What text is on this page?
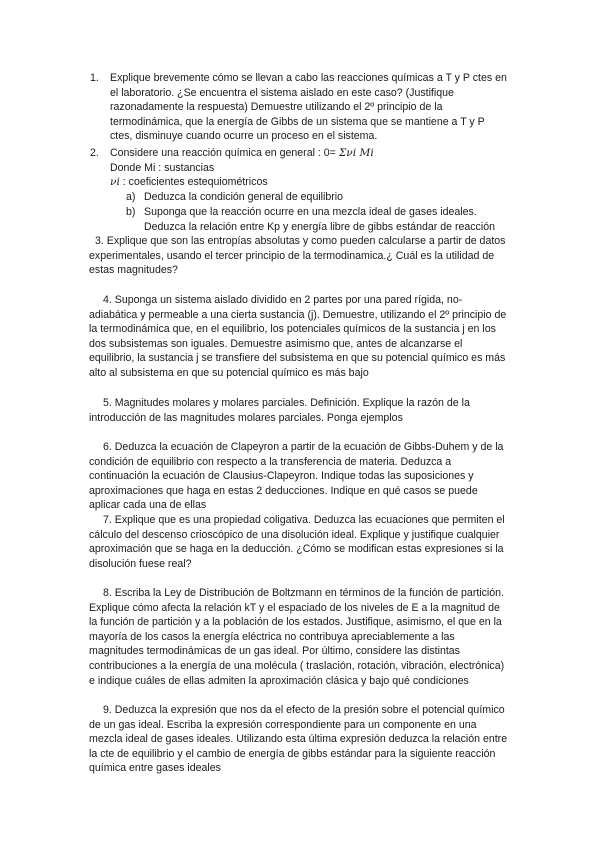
1. Explique brevemente cómo se llevan a cabo las reacciones químicas a T y P ctes en el laboratorio. ¿Se encuentra el sistema aislado en este caso? (Justifique razonadamente la respuesta) Demuestre utilizando el 2º principio de la termodinámica, que la energía de Gibbs de un sistema que se mantiene a T y P ctes, disminuye cuando ocurre un proceso en el sistema.
2. Considere una reacción química en general : 0= Σνi Mi
Donde Mi : sustancias
νi : coeficientes estequiométricos
a) Deduzca la condición general de equilibrio
b) Suponga que la reacción ocurre en una mezcla ideal de gases ideales.
Deduzca la relación entre Kp y energía libre de gibbs estándar de reacción

3. Explique que son las entropías absolutas y como pueden calcularse a partir de datos experimentales, usando el tercer principio de la termodinamica.¿ Cuál es la utilidad de estas magnitudes?

4. Suponga un sistema aislado dividido en 2 partes por una pared rígida, no-adiabática y permeable a una cierta sustancia (j). Demuestre, utilizando el 2º principio de la termodinámica que, en el equilibrio, los potenciales químicos de la sustancia j en los dos subsistemas son iguales. Demuestre asimismo que, antes de alcanzarse el equilibrio, la sustancia j se transfiere del subsistema en que su potencial químico es más alto al subsistema en que su potencial químico es más bajo

5. Magnitudes molares y molares parciales. Definición. Explique la razón de la introducción de las magnitudes molares parciales. Ponga ejemplos

6. Deduzca la ecuación de Clapeyron a partir de la ecuación de Gibbs-Duhem y de la condición de equilibrio con respecto a la transferencia de materia. Deduzca a continuación la ecuación de Clausius-Clapeyron. Indique todas las suposiciones y aproximaciones que haga en estas 2 deducciones. Indique en qué casos se puede aplicar cada una de ellas

7. Explique que es una propiedad coligativa. Deduzca las ecuaciones que permiten el cálculo del descenso crioscópico de una disolución ideal. Explique y justifique cualquier aproximación que se haga en la deducción. ¿Cómo se modifican estas expresiones si la disolución fuese real?

8. Escriba la Ley de Distribución de Boltzmann en términos de la función de partición. Explique cómo afecta la relación kT y el espaciado de los niveles de E a la magnitud de la función de partición y a la población de los estados. Justifique, asimismo, el que en la mayoría de los casos la energía eléctrica no contribuya apreciablemente a las magnitudes termodinámicas de un gas ideal. Por último, considere las distintas contribuciones a la energía de una molécula ( traslación, rotación, vibración, electrónica) e indique cuáles de ellas admiten la aproximación clásica y bajo qué condiciones

9. Deduzca la expresión que nos da el efecto de la presión sobre el potencial químico de un gas ideal. Escriba la expresión correspondiente para un componente en una mezcla ideal de gases ideales. Utilizando esta última expresión deduzca la relación entre la cte de equilibrio y el cambio de energía de gibbs estándar para la siguiente reacción química entre gases ideales
